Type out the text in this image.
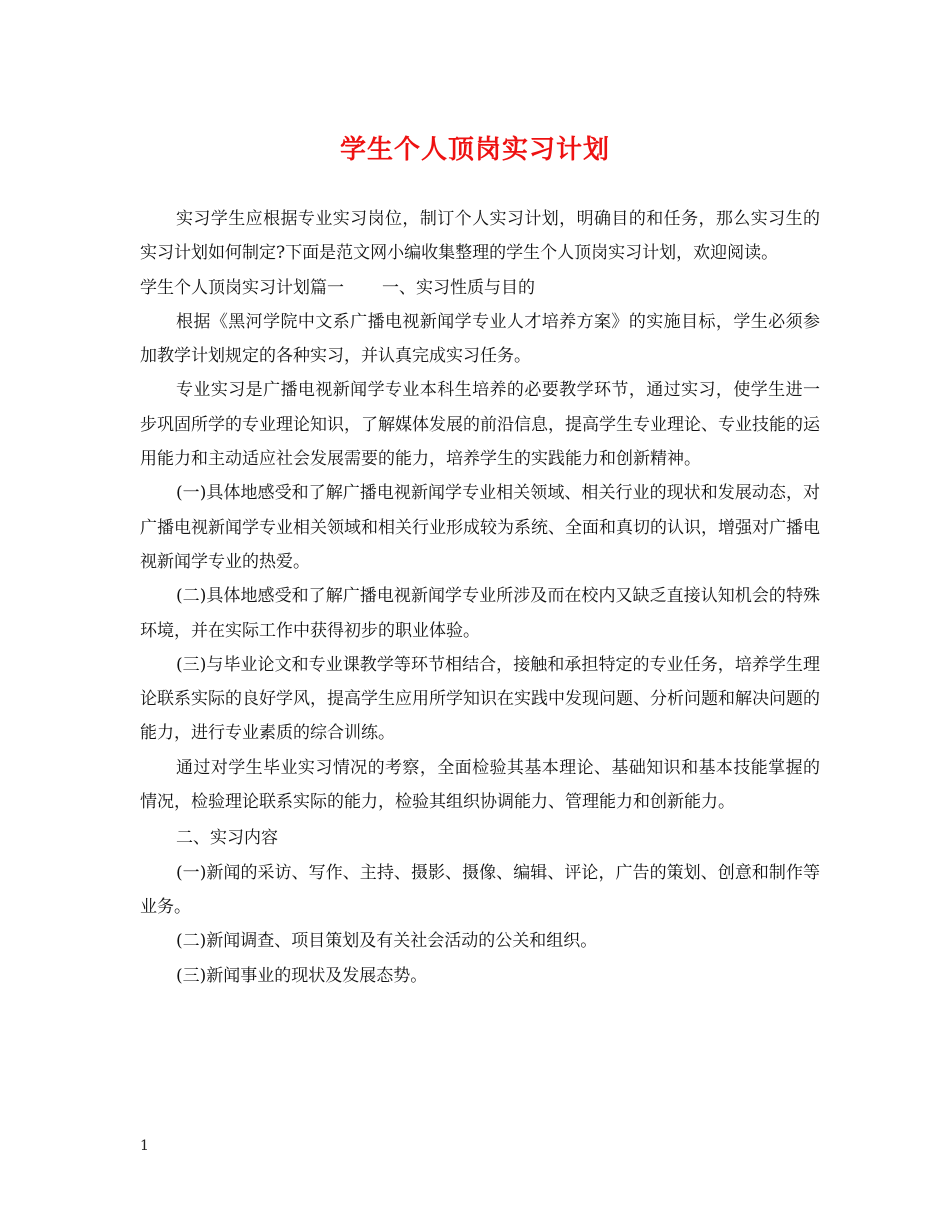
学生个人顶岗实习计划

实习学生应根据专业实习岗位，制订个人实习计划，明确目的和任务，那么实习生的实习计划如何制定?下面是范文网小编收集整理的学生个人顶岗实习计划，欢迎阅读。

学生个人顶岗实习计划篇一 一、实习性质与目的

根据《黑河学院中文系广播电视新闻学专业人才培养方案》的实施目标，学生必须参加教学计划规定的各种实习，并认真完成实习任务。

专业实习是广播电视新闻学专业本科生培养的必要教学环节，通过实习，使学生进一步巩固所学的专业理论知识，了解媒体发展的前沿信息，提高学生专业理论、专业技能的运用能力和主动适应社会发展需要的能力，培养学生的实践能力和创新精神。

(一)具体地感受和了解广播电视新闻学专业相关领域、相关行业的现状和发展动态，对广播电视新闻学专业相关领域和相关行业形成较为系统、全面和真切的认识，增强对广播电视新闻学专业的热爱。

(二)具体地感受和了解广播电视新闻学专业所涉及而在校内又缺乏直接认知机会的特殊环境，并在实际工作中获得初步的职业体验。

(三)与毕业论文和专业课教学等环节相结合，接触和承担特定的专业任务，培养学生理论联系实际的良好学风，提高学生应用所学知识在实践中发现问题、分析问题和解决问题的能力，进行专业素质的综合训练。

通过对学生毕业实习情况的考察，全面检验其基本理论、基础知识和基本技能掌握的情况，检验理论联系实际的能力，检验其组织协调能力、管理能力和创新能力。

二、实习内容

(一)新闻的采访、写作、主持、摄影、摄像、编辑、评论，广告的策划、创意和制作等业务。

(二)新闻调查、项目策划及有关社会活动的公关和组织。

(三)新闻事业的现状及发展态势。

1
